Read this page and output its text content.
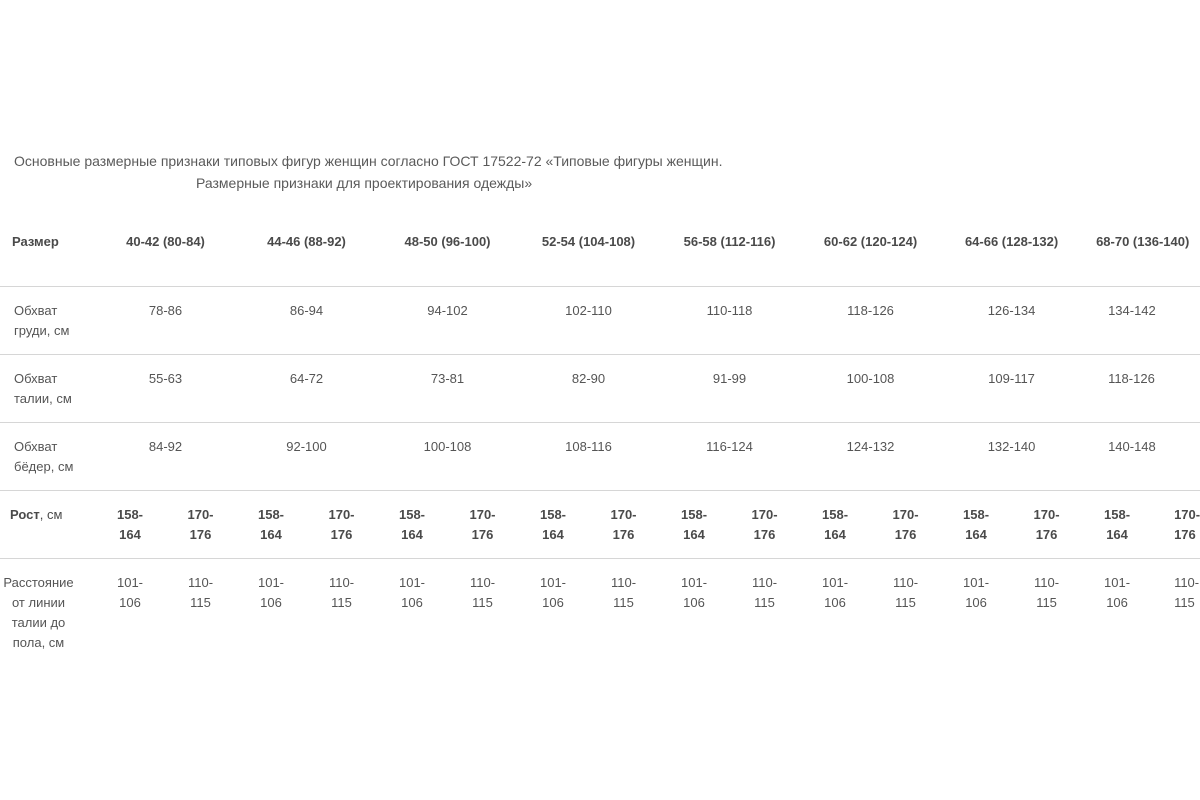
Основные размерные признаки типовых фигур женщин согласно ГОСТ 17522-72 «Типовые фигуры женщин.
Размерные признаки для проектирования одежды»
Размер	40-42 (80-84)		44-46 (88-92)		48-50 (96-100)		52-54 (104-108)		56-58 (112-116)		60-62 (120-124)		64-66 (128-132)		68-70 (136-140)	
Обхват груди, см	78-86		86-94		94-102		102-110		110-118		118-126		126-134		134-142	
Обхват талии, см	55-63		64-72		73-81		82-90		91-99		100-108		109-117		118-126	
Обхват бёдер, см	84-92		92-100		100-108		108-116		116-124		124-132		132-140		140-148	
Рост, см	158-164	170-176	158-164	170-176	158-164	170-176	158-164	170-176	158-164	170-176	158-164	170-176	158-164	170-176	158-164	170-176
Расстояние от линии талии до пола, см	101-106	110-115	101-106	110-115	101-106	110-115	101-106	110-115	101-106	110-115	101-106	110-115	101-106	110-115	101-106	110-115
